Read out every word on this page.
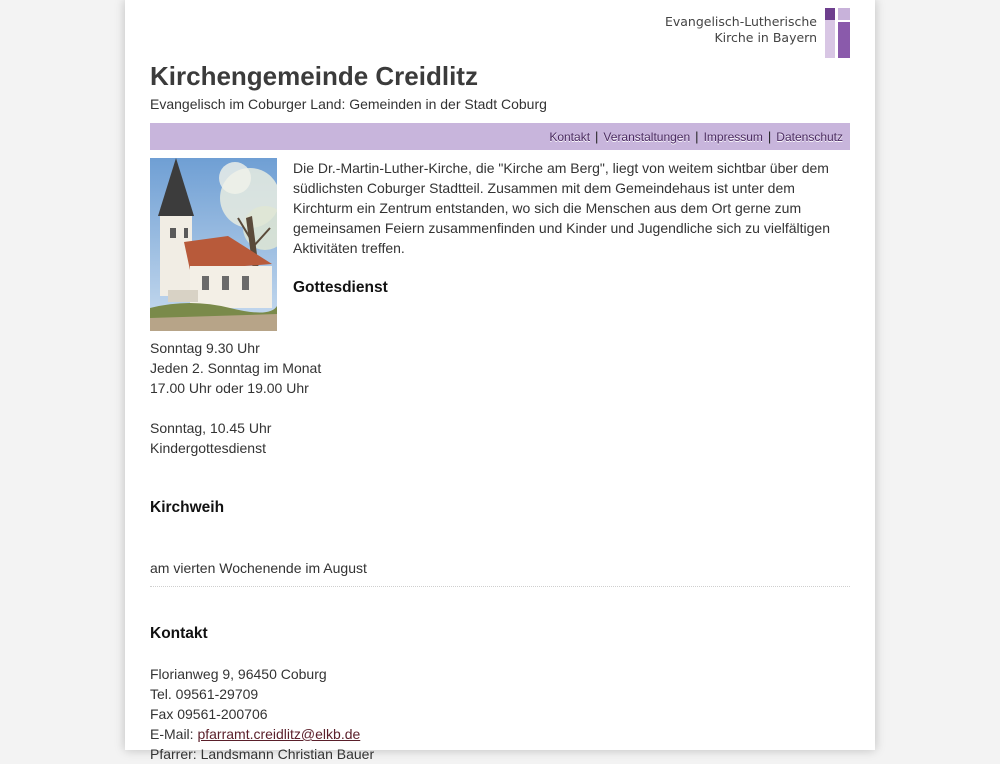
Evangelisch-Lutherische
Kirche in Bayern
Kirchengemeinde Creidlitz
Evangelisch im Coburger Land: Gemeinden in der Stadt Coburg
Kontakt | Veranstaltungen | Impressum | Datenschutz

Die Dr.-Martin-Luther-Kirche, die "Kirche am Berg", liegt von weitem sichtbar über dem südlichsten Coburger Stadtteil. Zusammen mit dem Gemeindehaus ist unter dem Kirchturm ein Zentrum entstanden, wo sich die Menschen aus dem Ort gerne zum gemeinsamen Feiern zusammenfinden und Kinder und Jugendliche sich zu vielfältigen Aktivitäten treffen.

Gottesdienst
Sonntag 9.30 Uhr
Jeden 2. Sonntag im Monat
17.00 Uhr oder 19.00 Uhr

Sonntag, 10.45 Uhr
Kindergottesdienst
Kirchweih
am vierten Wochenende im August
Kontakt
Florianweg 9, 96450 Coburg
Tel. 09561-29709
Fax 09561-200706
E-Mail: pfarramt.creidlitz@elkb.de
Pfarrer: Landsmann Christian Bauer
